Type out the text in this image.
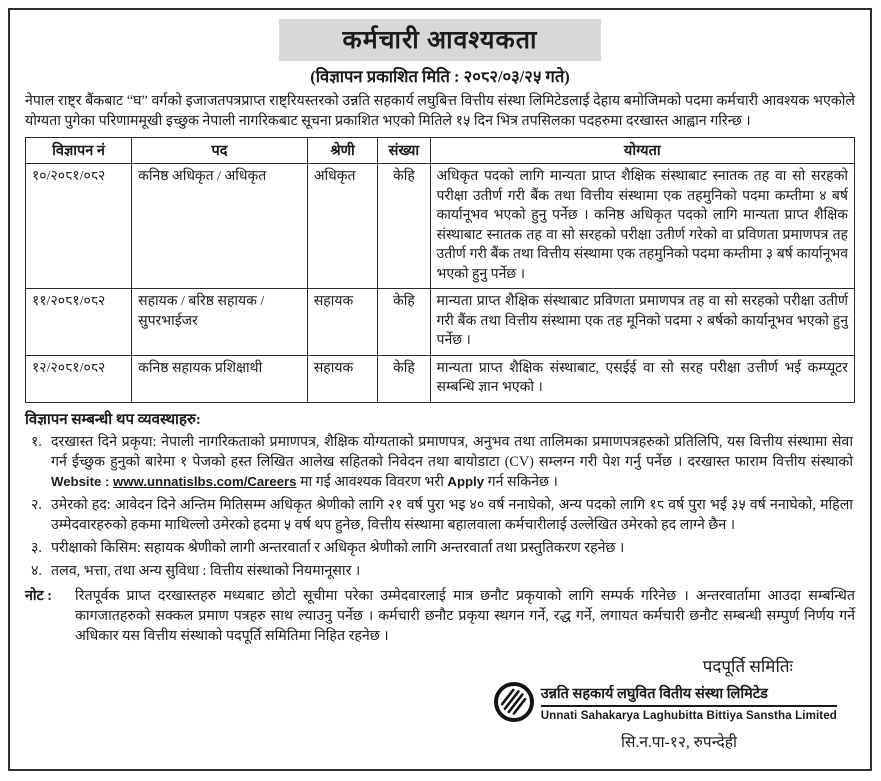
कर्मचारी आवश्यकता
(विज्ञापन प्रकाशित मिति : २०८२/०३/२५ गते)

नेपाल राष्ट्र बैंकबाट “घ” वर्गको इजाजतपत्रप्राप्त राष्ट्रियस्तरको उन्नति सहकार्य लघुबित्त वित्तीय संस्था लिमिटेडलाई देहाय बमोजिमको पदमा कर्मचारी आवश्यक भएकोले योग्यता पुगेका परिणाममूखी इच्छुक नेपाली नागरिकबाट सूचना प्रकाशित भएको मितिले १५ दिन भित्र तपसिलका पदहरुमा दरखास्त आह्वान गरिन्छ ।

विज्ञापन नं	पद	श्रेणी	संख्या	योग्यता
१०/२०८१/०८२	कनिष्ठ अधिकृत / अधिकृत	अधिकृत	केहि	अधिकृत पदको लागि मान्यता प्राप्त शैक्षिक संस्थाबाट स्नातक तह वा सो सरहको परीक्षा उतीर्ण गरी बैंक तथा वित्तीय संस्थामा एक तहमुनिको पदमा कम्तीमा ४ बर्ष कार्यानूभव भएको हुनु पर्नेछ । कनिष्ठ अधिकृत पदको लागि मान्यता प्राप्त शैक्षिक संस्थाबाट स्नातक तह वा सो सरहको परीक्षा उतीर्ण गरेको वा प्रविणता प्रमाणपत्र तह उतीर्ण गरी बैंक तथा वित्तीय संस्थामा एक तहमुनिको पदमा कम्तीमा ३ बर्ष कार्यानूभव भएको हुनु पर्नेछ ।
११/२०८१/०८२	सहायक / बरिष्ठ सहायक / सुपरभाईजर	सहायक	केहि	मान्यता प्राप्त शैक्षिक संस्थाबाट प्रविणता प्रमाणपत्र तह वा सो सरहको परीक्षा उतीर्ण गरी बैंक तथा वित्तीय संस्थामा एक तह मूनिको पदमा २ बर्षको कार्यानूभव भएको हुनु पर्नेछ ।
१२/२०८१/०८२	कनिष्ठ सहायक प्रशिक्षाथी	सहायक	केहि	मान्यता प्राप्त शैक्षिक संस्थाबाट, एसईई वा सो सरह परीक्षा उत्तीर्ण भई कम्प्यूटर सम्बन्धि ज्ञान भएको ।
विज्ञापन सम्बन्धी थप व्यवस्थाहरु:
१. दरखास्त दिने प्रकृया: नेपाली नागरिकताको प्रमाणपत्र, शैक्षिक योग्यताको प्रमाणपत्र, अनुभव तथा तालिमका प्रमाणपत्रहरुको प्रतिलिपि, यस वित्तीय संस्थामा सेवा गर्न ईच्छुक हुनुको बारेमा १ पेजको हस्त लिखित आलेख सहितको निवेदन तथा बायोडाटा (CV) सम्लग्न गरी पेश गर्नु पर्नेछ । दरखास्त फाराम वित्तीय संस्थाको Website : www.unnatislbs.com/Careers मा गई आवश्यक विवरण भरी Apply गर्न सकिनेछ ।
२. उमेरको हद: आवेदन दिने अन्तिम मितिसम्म अधिकृत श्रेणीको लागि २१ वर्ष पुरा भइ ४० वर्ष ननाघेको, अन्य पदको लागि १८ वर्ष पुरा भई ३५ वर्ष ननाघेको, महिला उम्मेदवारहरुको हकमा माथिल्लो उमेरको हदमा ५ वर्ष थप हुनेछ, वित्तीय संस्थामा बहालवाला कर्मचारीलाई उल्लेखित उमेरको हद लाग्ने छैन ।
३. परीक्षाको किसिम: सहायक श्रेणीको लागी अन्तरवार्ता र अधिकृत श्रेणीको लागि अन्तरवार्ता तथा प्रस्तुतिकरण रहनेछ ।
४. तलव, भत्ता, तथा अन्य सुविधा : वित्तीय संस्थाको नियमानूसार ।
नोट :	रितपूर्वक प्राप्त दरखास्तहरु मध्यबाट छोटो सूचीमा परेका उम्मेदवारलाई मात्र छनौट प्रकृयाको लागि सम्पर्क गरिनेछ । अन्तरवार्तामा आउदा सम्बन्धित कागजातहरुको सक्कल प्रमाण पत्रहरु साथ ल्याउनु पर्नेछ । कर्मचारी छनौट प्रकृया स्थगन गर्ने, रद्ध गर्ने, लगायत कर्मचारी छनौट सम्बन्धी सम्पुर्ण निर्णय गर्ने अधिकार यस वित्तीय संस्थाको पदपूर्ति समितिमा निहित रहनेछ ।
पदपूर्ति समितिः
उन्नति सहकार्य लघुवित वितीय संस्था लिमिटेड
Unnati Sahakarya Laghubitta Bittiya Sanstha Limited
सि.न.पा-१२, रुपन्देही
